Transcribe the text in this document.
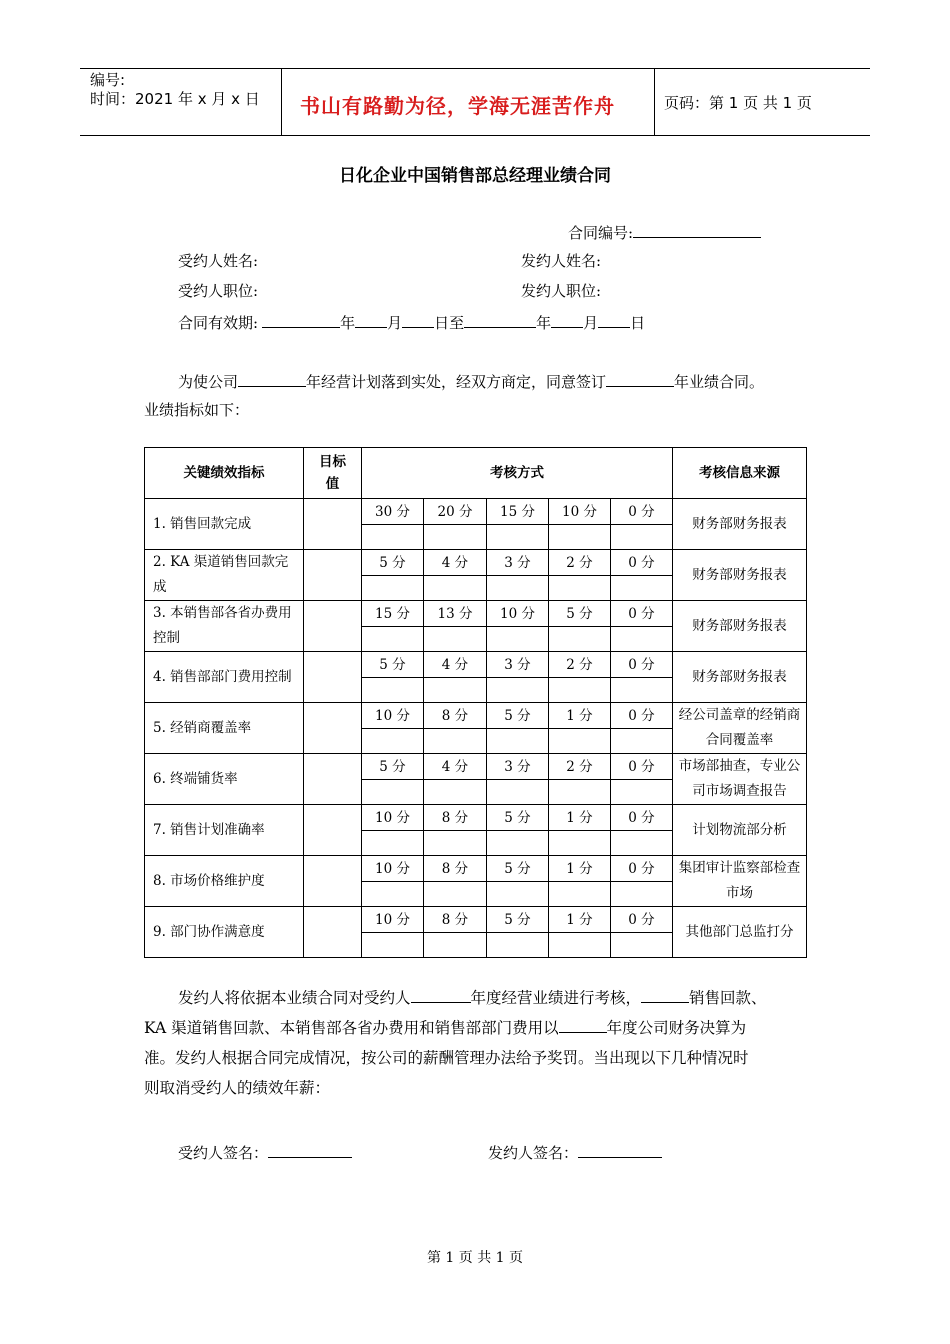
编号:
时间：2021 年 x 月 x 日 书山有路勤为径，学海无涯苦作舟	页码：第 1 页 共 1 页
日化企业中国销售部总经理业绩合同
合同编号:
受约人姓名:	发约人姓名:
受约人职位:	发约人职位:
合同有效期:	年 月 日至	年 月 日
为使公司	年经营计划落到实处，经双方商定，同意签订	年业绩合同。
业绩指标如下：
关键绩效指标	目标
值	考核方式					考核信息来源
1. 销售回款完成		30 分	20 分	15 分	10 分	0 分	财务部财务报表

2. KA 渠道销售回款完成		5 分	4 分	3 分	2 分	0 分	财务部财务报表

3. 本销售部各省办费用控制		15 分	13 分	10 分	5 分	0 分	财务部财务报表

4. 销售部部门费用控制		5 分	4 分	3 分	2 分	0 分	财务部财务报表

5. 经销商覆盖率		10 分	8 分	5 分	1 分	0 分	经公司盖章的经销商合同覆盖率

6. 终端铺货率		5 分	4 分	3 分	2 分	0 分	市场部抽查，专业公司市场调查报告

7. 销售计划准确率		10 分	8 分	5 分	1 分	0 分	计划物流部分析

8. 市场价格维护度		10 分	8 分	5 分	1 分	0 分	集团审计监察部检查市场

9. 部门协作满意度		10 分	8 分	5 分	1 分	0 分	其他部门总监打分

发约人将依据本业绩合同对受约人	年度经营业绩进行考核，	销售回款、
KA 渠道销售回款、本销售部各省办费用和销售部部门费用以	年度公司财务决算为
准。发约人根据合同完成情况，按公司的薪酬管理办法给予奖罚。当出现以下几种情况时
则取消受约人的绩效年薪：
受约人签名：	发约人签名：
第 1 页 共 1 页
